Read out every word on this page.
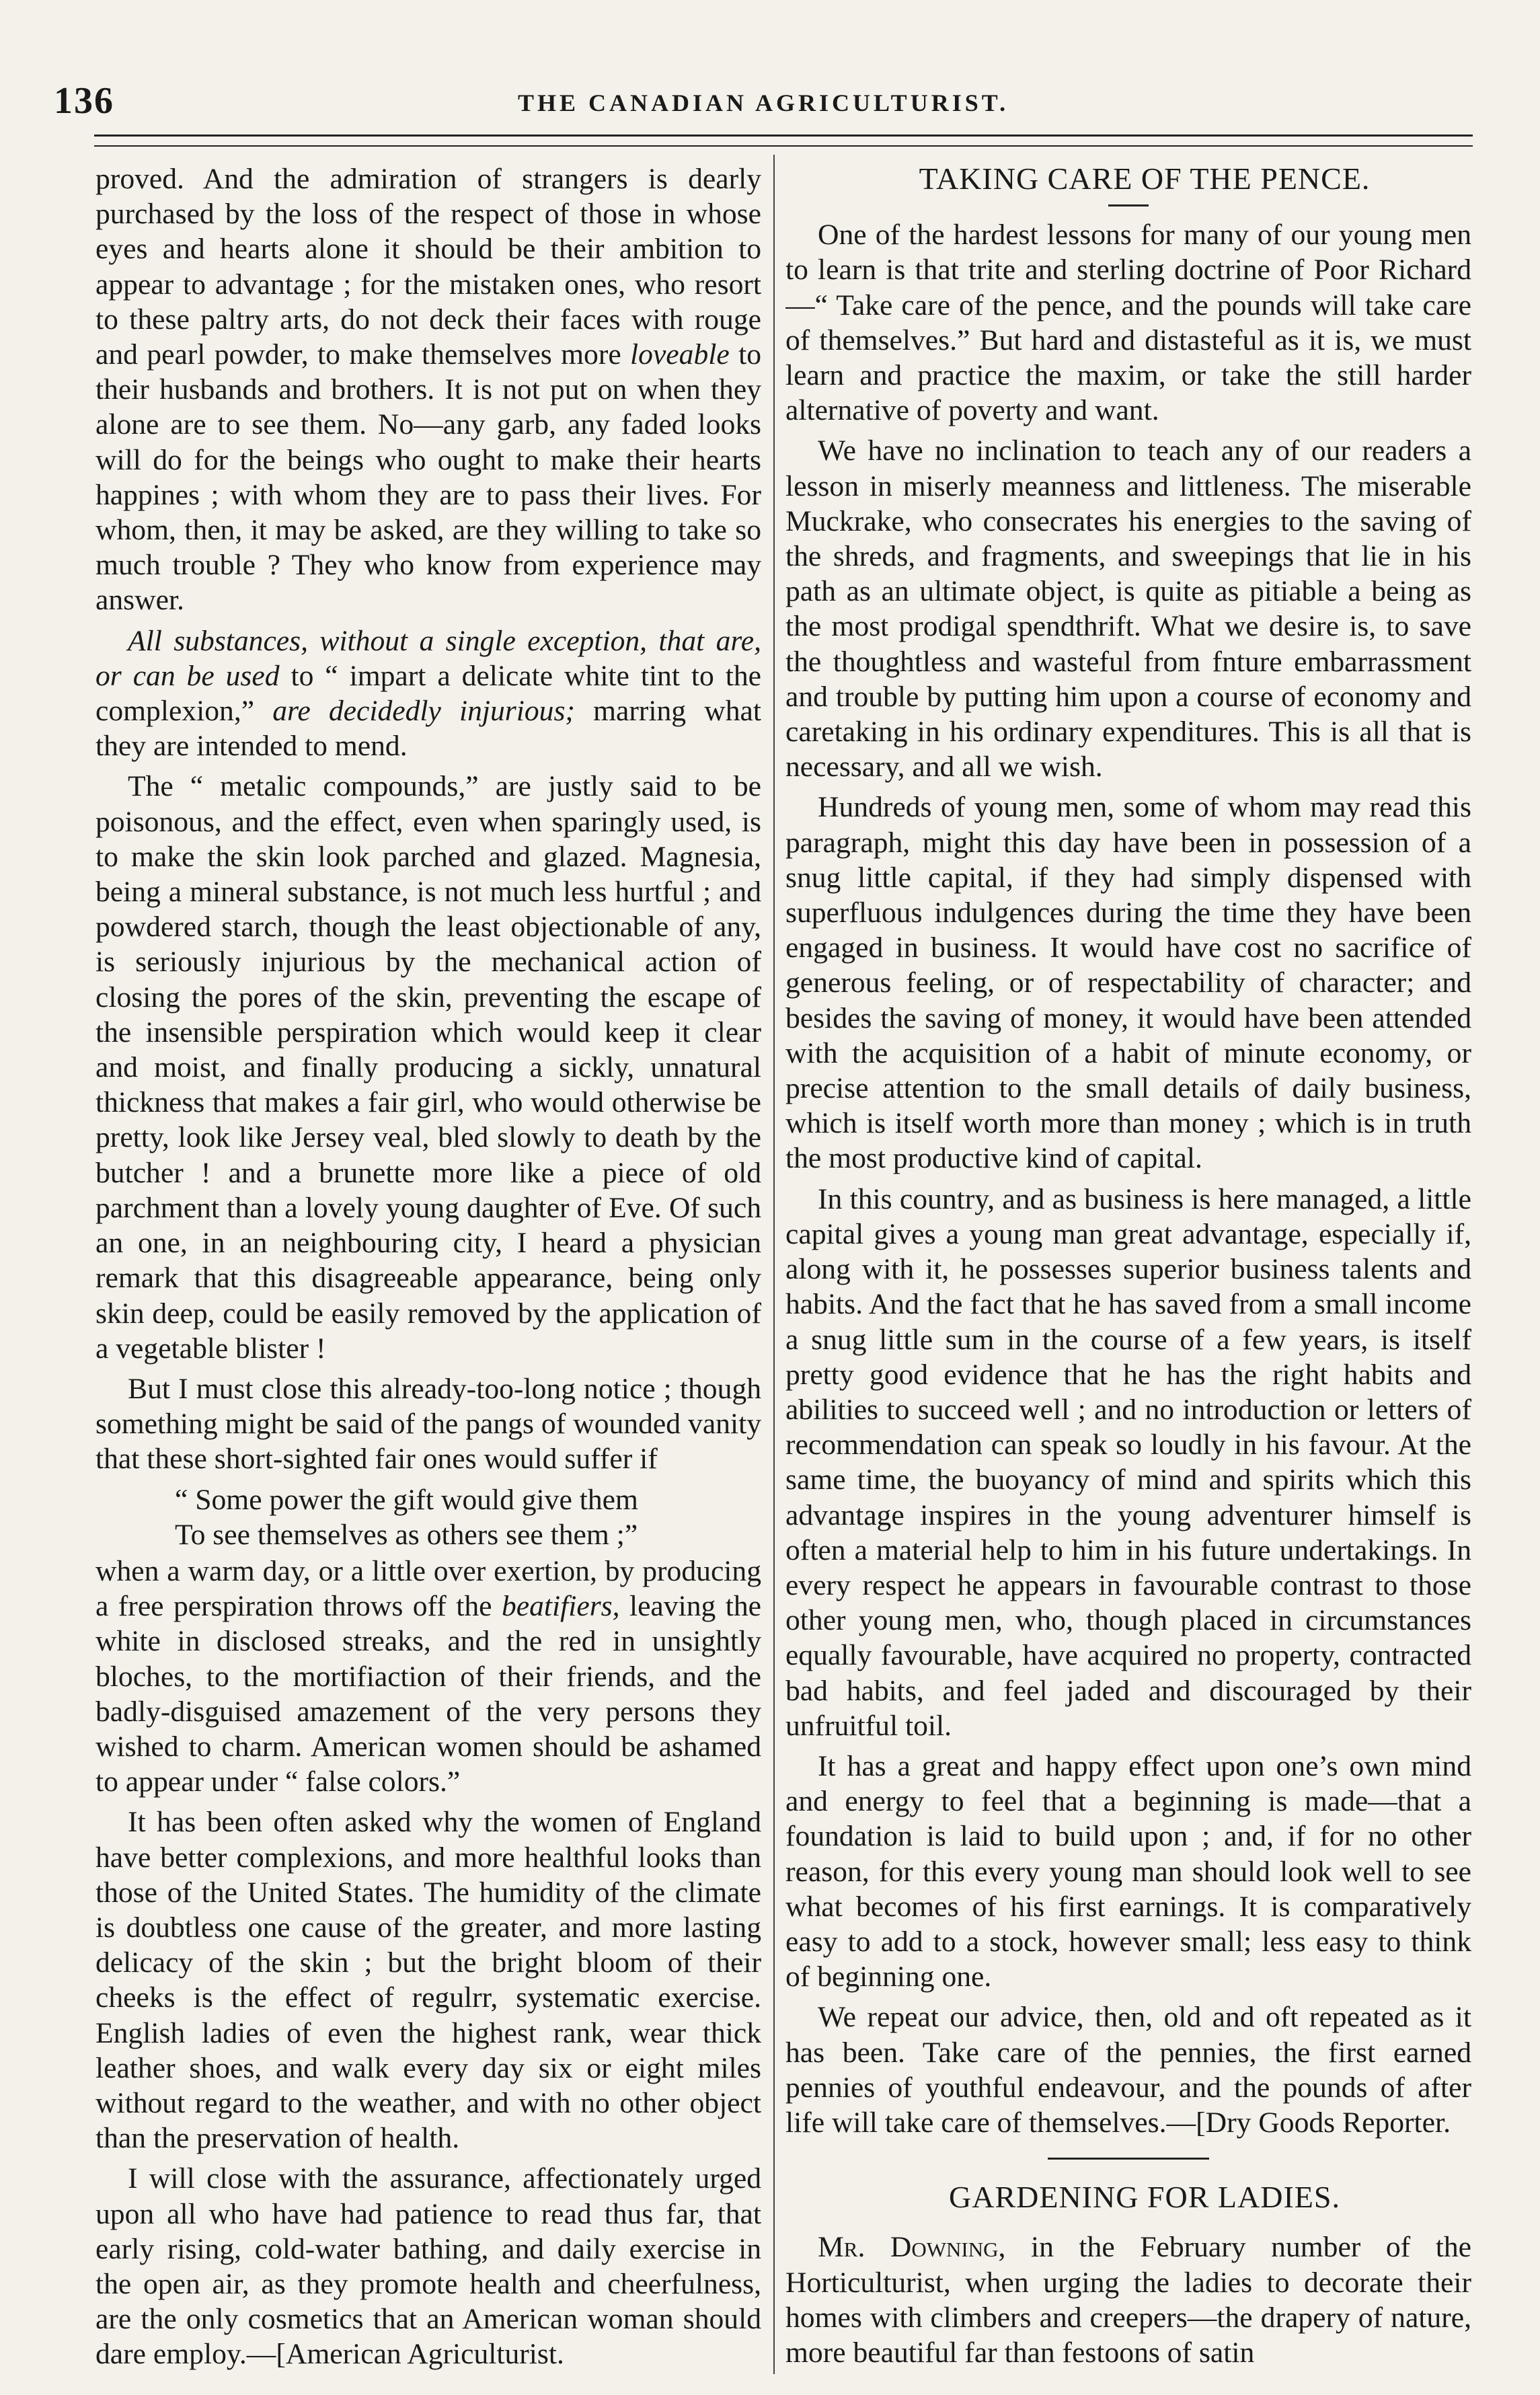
136	THE CANADIAN AGRICULTURIST.

proved. And the admiration of strangers is dearly purchased by the loss of the respect of those in whose eyes and hearts alone it should be their ambition to appear to advantage ; for the mistaken ones, who resort to these paltry arts, do not deck their faces with rouge and pearl powder, to make themselves more loveable to their husbands and brothers. It is not put on when they alone are to see them. No—any garb, any faded looks will do for the beings who ought to make their hearts happines ; with whom they are to pass their lives. For whom, then, it may be asked, are they willing to take so much trouble ? They who know from experience may answer.

All substances, without a single exception, that are, or can be used to “ impart a delicate white tint to the complexion,” are decidedly injurious; marring what they are intended to mend.

The “ metalic compounds,” are justly said to be poisonous, and the effect, even when sparingly used, is to make the skin look parched and glazed. Magnesia, being a mineral substance, is not much less hurtful ; and powdered starch, though the least objectionable of any, is seriously injurious by the mechanical action of closing the pores of the skin, preventing the escape of the insensible perspiration which would keep it clear and moist, and finally producing a sickly, unnatural thickness that makes a fair girl, who would otherwise be pretty, look like Jersey veal, bled slowly to death by the butcher ! and a brunette more like a piece of old parchment than a lovely young daughter of Eve. Of such an one, in an neighbouring city, I heard a physician remark that this disagreeable appearance, being only skin deep, could be easily removed by the application of a vegetable blister !

But I must close this already-too-long notice ; though something might be said of the pangs of wounded vanity that these short-sighted fair ones would suffer if

“ Some power the gift would give them
To see themselves as others see them ;”

when a warm day, or a little over exertion, by producing a free perspiration throws off the beatifiers, leaving the white in disclosed streaks, and the red in unsightly bloches, to the mortifiaction of their friends, and the badly-disguised amazement of the very persons they wished to charm. American women should be ashamed to appear under “ false colors.”

It has been often asked why the women of England have better complexions, and more healthful looks than those of the United States. The humidity of the climate is doubtless one cause of the greater, and more lasting delicacy of the skin ; but the bright bloom of their cheeks is the effect of regulrr, systematic exercise. English ladies of even the highest rank, wear thick leather shoes, and walk every day six or eight miles without regard to the weather, and with no other object than the preservation of health.

I will close with the assurance, affectionately urged upon all who have had patience to read thus far, that early rising, cold-water bathing, and daily exercise in the open air, as they promote health and cheerfulness, are the only cosmetics that an American woman should dare employ.—[American Agriculturist.

TAKING CARE OF THE PENCE.

One of the hardest lessons for many of our young men to learn is that trite and sterling doctrine of Poor Richard—“ Take care of the pence, and the pounds will take care of themselves.” But hard and distasteful as it is, we must learn and practice the maxim, or take the still harder alternative of poverty and want.

We have no inclination to teach any of our readers a lesson in miserly meanness and littleness. The miserable Muckrake, who consecrates his energies to the saving of the shreds, and fragments, and sweepings that lie in his path as an ultimate object, is quite as pitiable a being as the most prodigal spendthrift. What we desire is, to save the thoughtless and wasteful from fnture embarrassment and trouble by putting him upon a course of economy and caretaking in his ordinary expenditures. This is all that is necessary, and all we wish.

Hundreds of young men, some of whom may read this paragraph, might this day have been in possession of a snug little capital, if they had simply dispensed with superfluous indulgences during the time they have been engaged in business. It would have cost no sacrifice of generous feeling, or of respectability of character; and besides the saving of money, it would have been attended with the acquisition of a habit of minute economy, or precise attention to the small details of daily business, which is itself worth more than money ; which is in truth the most productive kind of capital.

In this country, and as business is here managed, a little capital gives a young man great advantage, especially if, along with it, he possesses superior business talents and habits. And the fact that he has saved from a small income a snug little sum in the course of a few years, is itself pretty good evidence that he has the right habits and abilities to succeed well ; and no introduction or letters of recommendation can speak so loudly in his favour. At the same time, the buoyancy of mind and spirits which this advantage inspires in the young adventurer himself is often a material help to him in his future undertakings. In every respect he appears in favourable contrast to those other young men, who, though placed in circumstances equally favourable, have acquired no property, contracted bad habits, and feel jaded and discouraged by their unfruitful toil.

It has a great and happy effect upon one’s own mind and energy to feel that a beginning is made—that a foundation is laid to build upon ; and, if for no other reason, for this every young man should look well to see what becomes of his first earnings. It is comparatively easy to add to a stock, however small; less easy to think of beginning one.

We repeat our advice, then, old and oft repeated as it has been. Take care of the pennies, the first earned pennies of youthful endeavour, and the pounds of after life will take care of themselves.—[Dry Goods Reporter.

GARDENING FOR LADIES.

Mr. Downing, in the February number of the Horticulturist, when urging the ladies to decorate their homes with climbers and creepers—the drapery of nature, more beautiful far than festoons of satin
